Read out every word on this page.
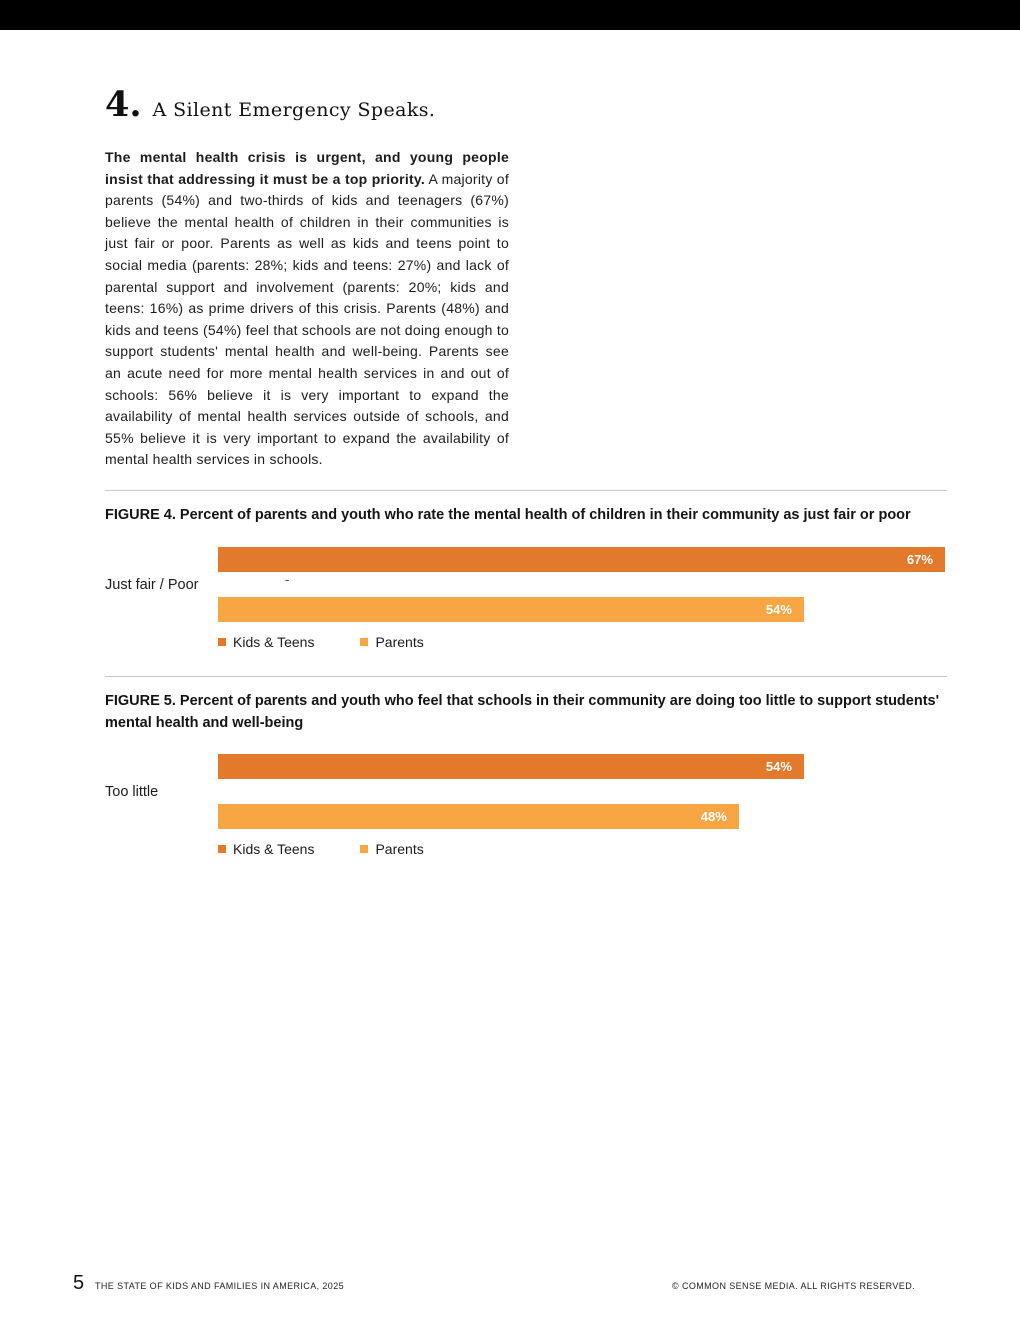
4. A Silent Emergency Speaks.

The mental health crisis is urgent, and young people insist that addressing it must be a top priority. A majority of parents (54%) and two-thirds of kids and teenagers (67%) believe the mental health of children in their communities is just fair or poor. Parents as well as kids and teens point to social media (parents: 28%; kids and teens: 27%) and lack of parental support and involvement (parents: 20%; kids and teens: 16%) as prime drivers of this crisis. Parents (48%) and kids and teens (54%) feel that schools are not doing enough to support students' mental health and well-being. Parents see an acute need for more mental health services in and out of schools: 56% believe it is very important to expand the availability of mental health services outside of schools, and 55% believe it is very important to expand the availability of mental health services in schools.

FIGURE 4. Percent of parents and youth who rate the mental health of children in their community as just fair or poor
Just fair / Poor
67%
-
54%
Kids & Teens	Parents
FIGURE 5. Percent of parents and youth who feel that schools in their community are doing too little to support students' mental health and well-being
Too little
54%
48%
Kids & Teens	Parents
5 THE STATE OF KIDS AND FAMILIES IN AMERICA, 2025	© COMMON SENSE MEDIA. ALL RIGHTS RESERVED.
